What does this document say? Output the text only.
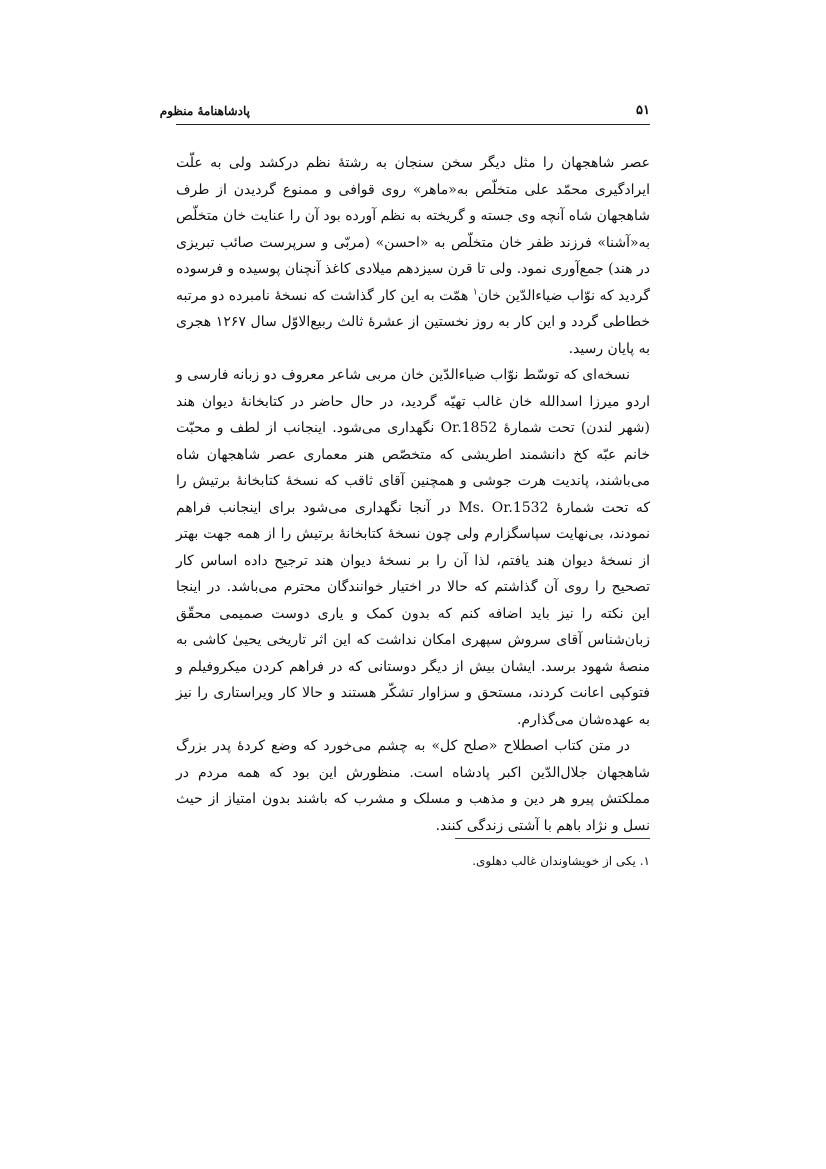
۵۱
پادشاهنامهٔ منظوم

عصر شاهجهان را مثل دیگر سخن سنجان به رشتهٔ نظم درکشد ولی به علّت ایرادگیری محمّد علی متخلّص به«ماهر» روی قوافی و ممنوع گردیدن از طرف شاهجهان شاه آنچه وی جسته و گریخته به نظم آورده بود آن را عنایت خان متخلّص به«آشنا» فرزند ظفر خان متخلّص به «احسن» (مربّی و سرپرست صائب تبریزی در هند) جمع‌آوری نمود. ولی تا قرن سیزدهم میلادی کاغذ آنچنان پوسیده و فرسوده گردید که نوّاب ضیاءالدّین خان$^۱$ همّت به این کار گذاشت که نسخهٔ نامبرده دو مرتبه خطاطی گردد و این کار به روز نخستین از عشرهٔ ثالث ربیع‌الاوّل سال ۱۲۶۷ هجری به پایان رسید.

نسخه‌ای که توسّط نوّاب ضیاءالدّین خان مربی شاعر معروف دو زبانه فارسی و اردو میرزا اسدالله خان غالب تهیّه گردید، در حال حاضر در کتابخانهٔ دیوان هند (شهر لندن) تحت شمارهٔ Or.1852 نگهداری می‌شود. اینجانب از لطف و محبّت خانم عبّه کخ دانشمند اطریشی که متخصّص هنر معماری عصر شاهجهان شاه می‌باشند، پاندیت هرت جوشی و همچنین آقای ثاقب که نسخهٔ کتابخانهٔ برتیش را که تحت شمارهٔ Ms. Or.1532 در آنجا نگهداری می‌شود برای اینجانب فراهم نمودند، بی‌نهایت سپاسگزارم ولی چون نسخهٔ کتابخانهٔ برتیش را از همه جهت بهتر از نسخهٔ دیوان هند یافتم، لذا آن را بر نسخهٔ دیوان هند ترجیح داده اساس کار تصحیح را روی آن گذاشتم که حالا در اختیار خوانندگان محترم می‌باشد. در اینجا این نکته را نیز باید اضافه کنم که بدون کمک و یاری دوست صمیمی محقّق زبان‌شناس آقای سروش سپهری امکان نداشت که این اثر تاریخی یحییٰ کاشی به منصهٔ شهود برسد. ایشان بیش از دیگر دوستانی که در فراهم کردن میکروفیلم و فتوکپی اعانت کردند، مستحق و سزاوار تشکّر هستند و حالا کار ویراستاری را نیز به عهده‌شان می‌گذارم.

در متن کتاب اصطلاح «صلح کل» به چشم می‌خورد که وضع کردهٔ پدر بزرگ شاهجهان جلال‌الدّین اکبر پادشاه است. منظورش این بود که همه مردم در مملکتش پیرو هر دین و مذهب و مسلک و مشرب که باشند بدون امتیاز از حیث نسل و نژاد باهم با آشتی زندگی کنند.

۱. یکی از خویشاوندان غالب دهلوی.
